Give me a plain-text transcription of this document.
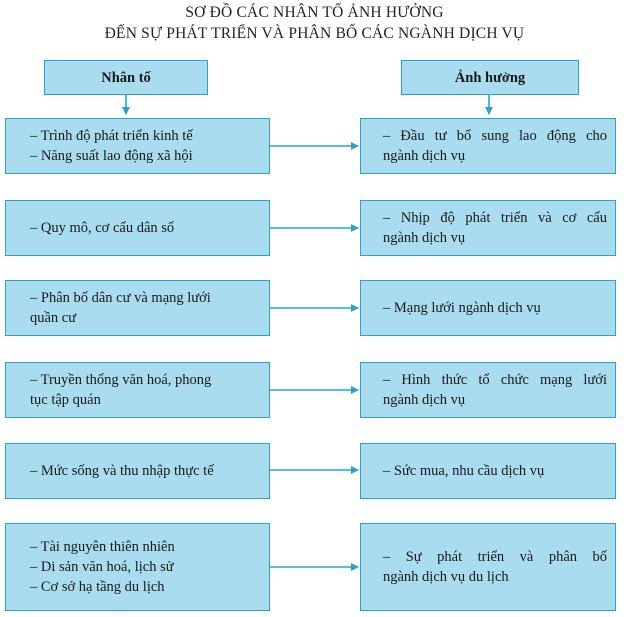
SƠ ĐỒ CÁC NHÂN TỐ ẢNH HƯỞNG
ĐẾN SỰ PHÁT TRIỂN VÀ PHÂN BỐ CÁC NGÀNH DỊCH VỤ
Nhân tố	Ảnh hưởng
– Trình độ phát triển kinh tế
– Năng suất lao động xã hội
– Đầu tư bổ sung lao động cho
ngành dịch vụ
– Quy mô, cơ cấu dân số
– Nhịp độ phát triển và cơ cấu
ngành dịch vụ
– Phân bố dân cư và mạng lưới
quần cư
– Mạng lưới ngành dịch vụ
– Truyền thống văn hoá, phong
tục tập quán
– Hình thức tổ chức mạng lưới
ngành dịch vụ
– Mức sống và thu nhập thực tế	– Sức mua, nhu cầu dịch vụ
– Tài nguyên thiên nhiên
– Di sản văn hoá, lịch sử
– Cơ sở hạ tầng du lịch
– Sự phát triển và phân bố
ngành dịch vụ du lịch
